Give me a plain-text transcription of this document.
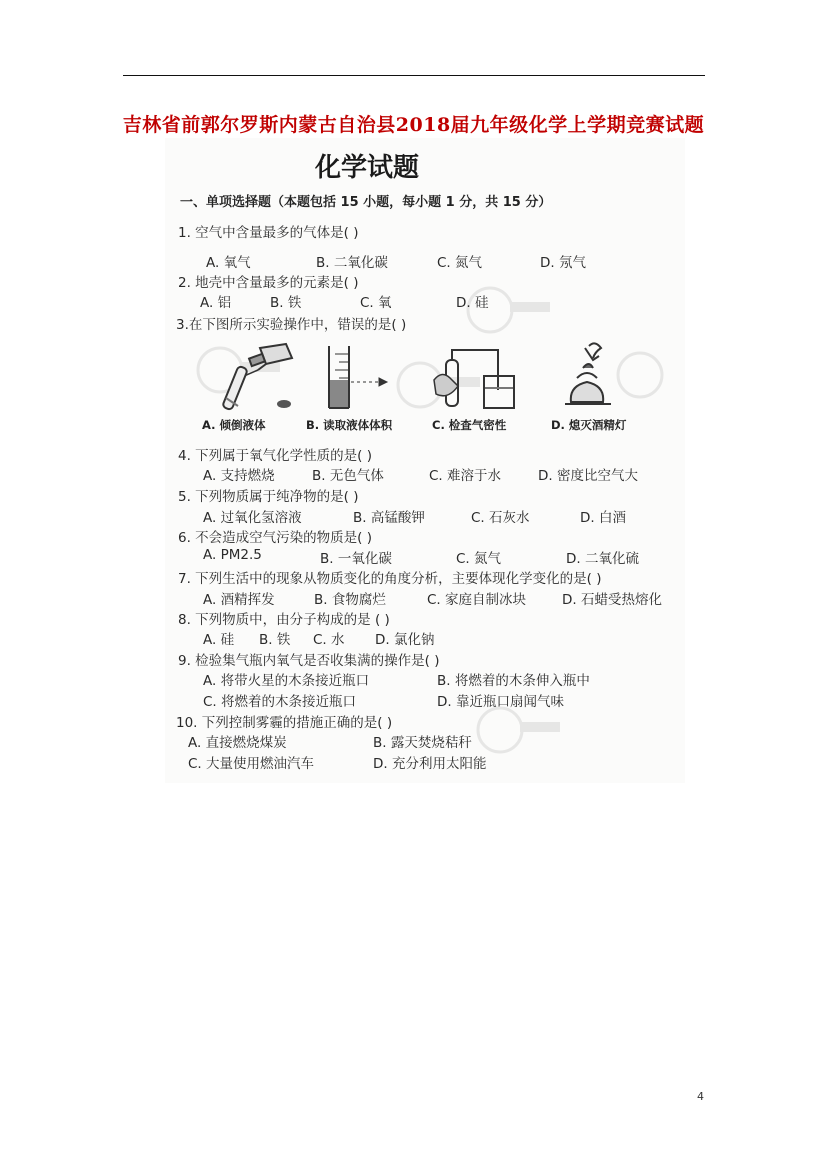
吉林省前郭尔罗斯内蒙古自治县2018届九年级化学上学期竞赛试题
化学试题
一、单项选择题（本题包括 15 小题，每小题 1 分，共 15 分）
1. 空气中含量最多的气体是( )
A. 氧气	B. 二氧化碳	C. 氮气	D. 氖气
2. 地壳中含量最多的元素是( )
A. 铝	B. 铁	C. 氧	D. 硅
3.在下图所示实验操作中，错误的是( )
A. 倾倒液体	B. 读取液体体积	C. 检查气密性	D. 熄灭酒精灯
4. 下列属于氧气化学性质的是( )
A. 支持燃烧	B. 无色气体	C. 难溶于水	D. 密度比空气大
5. 下列物质属于纯净物的是( )
A. 过氧化氢溶液	B. 高锰酸钾	C. 石灰水	D. 白酒
6. 不会造成空气污染的物质是( )
A. PM2.5	B. 一氧化碳	C. 氮气	D. 二氧化硫
7. 下列生活中的现象从物质变化的角度分析，主要体现化学变化的是( )
A. 酒精挥发	B. 食物腐烂	C. 家庭自制冰块	D. 石蜡受热熔化
8. 下列物质中，由分子构成的是 ( )
A. 硅 B. 铁 C. 水 D. 氯化钠
9. 检验集气瓶内氧气是否收集满的操作是( )
A. 将带火星的木条接近瓶口	B. 将燃着的木条伸入瓶中
C. 将燃着的木条接近瓶口	D. 靠近瓶口扇闻气味
10. 下列控制雾霾的措施正确的是( )
A. 直接燃烧煤炭	B. 露天焚烧秸秆
C. 大量使用燃油汽车	D. 充分利用太阳能
4
